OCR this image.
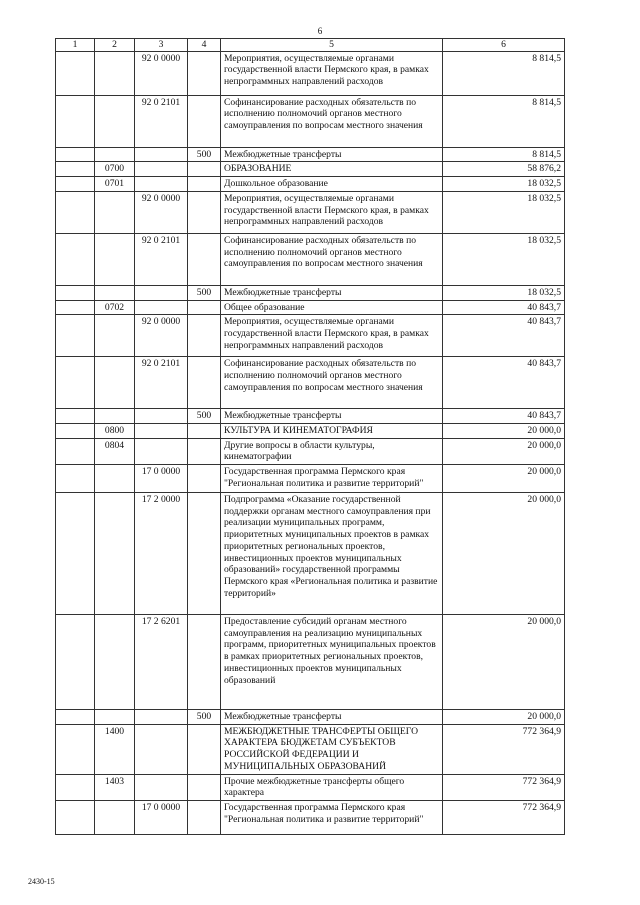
6
1	2	3	4	5	6
		92 0 0000		Мероприятия, осуществляемые органами государственной власти Пермского края, в рамках непрограммных направлений расходов	8 814,5
		92 0 2101		Софинансирование расходных обязательств по исполнению полномочий органов местного самоуправления по вопросам местного значения	8 814,5
			500	Межбюджетные трансферты	8 814,5
	0700			ОБРАЗОВАНИЕ	58 876,2
	0701			Дошкольное образование	18 032,5
		92 0 0000		Мероприятия, осуществляемые органами государственной власти Пермского края, в рамках непрограммных направлений расходов	18 032,5
		92 0 2101		Софинансирование расходных обязательств по исполнению полномочий органов местного самоуправления по вопросам местного значения	18 032,5
			500	Межбюджетные трансферты	18 032,5
	0702			Общее образование	40 843,7
		92 0 0000		Мероприятия, осуществляемые органами государственной власти Пермского края, в рамках непрограммных направлений расходов	40 843,7
		92 0 2101		Софинансирование расходных обязательств по исполнению полномочий органов местного самоуправления по вопросам местного значения	40 843,7
			500	Межбюджетные трансферты	40 843,7
	0800			КУЛЬТУРА И КИНЕМАТОГРАФИЯ	20 000,0
	0804			Другие вопросы в области культуры, кинематографии	20 000,0
		17 0 0000		Государственная программа Пермского края "Региональная политика и развитие территорий"	20 000,0
		17 2 0000		Подпрограмма «Оказание государственной поддержки органам местного самоуправления при реализации муниципальных программ, приоритетных муниципальных проектов в рамках приоритетных региональных проектов, инвестиционных проектов муниципальных образований» государственной программы Пермского края «Региональная политика и развитие территорий»	20 000,0
		17 2 6201		Предоставление субсидий органам местного самоуправления на реализацию муниципальных программ, приоритетных муниципальных проектов в рамках приоритетных региональных проектов, инвестиционных проектов муниципальных образований	20 000,0
			500	Межбюджетные трансферты	20 000,0
	1400			МЕЖБЮДЖЕТНЫЕ ТРАНСФЕРТЫ ОБЩЕГО ХАРАКТЕРА БЮДЖЕТАМ СУБЪЕКТОВ РОССИЙСКОЙ ФЕДЕРАЦИИ И МУНИЦИПАЛЬНЫХ ОБРАЗОВАНИЙ	772 364,9
	1403			Прочие межбюджетные трансферты общего характера	772 364,9
		17 0 0000		Государственная программа Пермского края "Региональная политика и развитие территорий"	772 364,9
2430-15
